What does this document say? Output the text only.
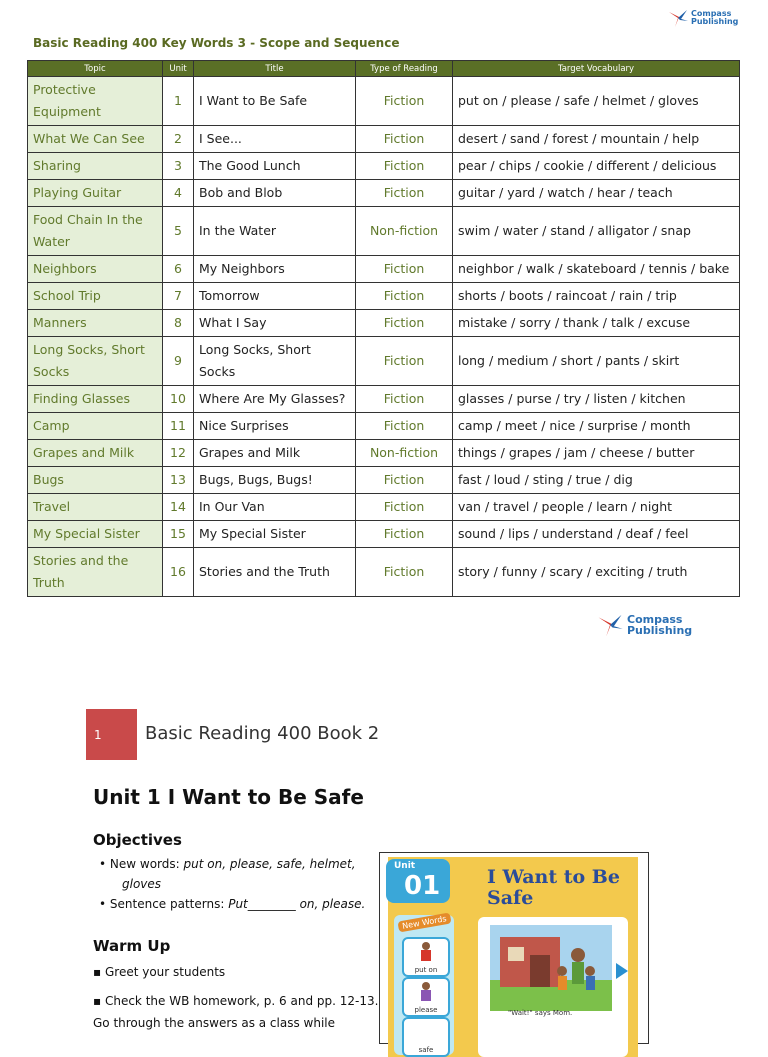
Compass
Publishing
Basic Reading 400 Key Words 3 - Scope and Sequence
Topic	Unit	Title	Type of Reading	Target Vocabulary
Protective Equipment	1	I Want to Be Safe	Fiction	put on / please / safe / helmet / gloves
What We Can See	2	I See...	Fiction	desert / sand / forest / mountain / help
Sharing	3	The Good Lunch	Fiction	pear / chips / cookie / different / delicious
Playing Guitar	4	Bob and Blob	Fiction	guitar / yard / watch / hear / teach
Food Chain In the Water	5	In the Water	Non-fiction	swim / water / stand / alligator / snap
Neighbors	6	My Neighbors	Fiction	neighbor / walk / skateboard / tennis / bake
School Trip	7	Tomorrow	Fiction	shorts / boots / raincoat / rain / trip
Manners	8	What I Say	Fiction	mistake / sorry / thank / talk / excuse
Long Socks, Short Socks	9	Long Socks, Short Socks	Fiction	long / medium / short / pants / skirt
Finding Glasses	10	Where Are My Glasses?	Fiction	glasses / purse / try / listen / kitchen
Camp	11	Nice Surprises	Fiction	camp / meet / nice / surprise / month
Grapes and Milk	12	Grapes and Milk	Non-fiction	things / grapes / jam / cheese / butter
Bugs	13	Bugs, Bugs, Bugs!	Fiction	fast / loud / sting / true / dig
Travel	14	In Our Van	Fiction	van / travel / people / learn / night
My Special Sister	15	My Special Sister	Fiction	sound / lips / understand / deaf / feel
Stories and the Truth	16	Stories and the Truth	Fiction	story / funny / scary / exciting / truth
Compass
Publishing
1 Basic Reading 400 Book 2
Unit 1 I Want to Be Safe
Objectives
• New words: put on, please, safe, helmet,
gloves
• Sentence patterns: Put________ on, please.
Warm Up
▪ Greet your students
▪ Check the WB homework, p. 6 and pp. 12-13.
Go through the answers as a class while
Unit
01 I Want to Be
Safe
"Wait!" says Mom.
New Words
put on
please
safe
